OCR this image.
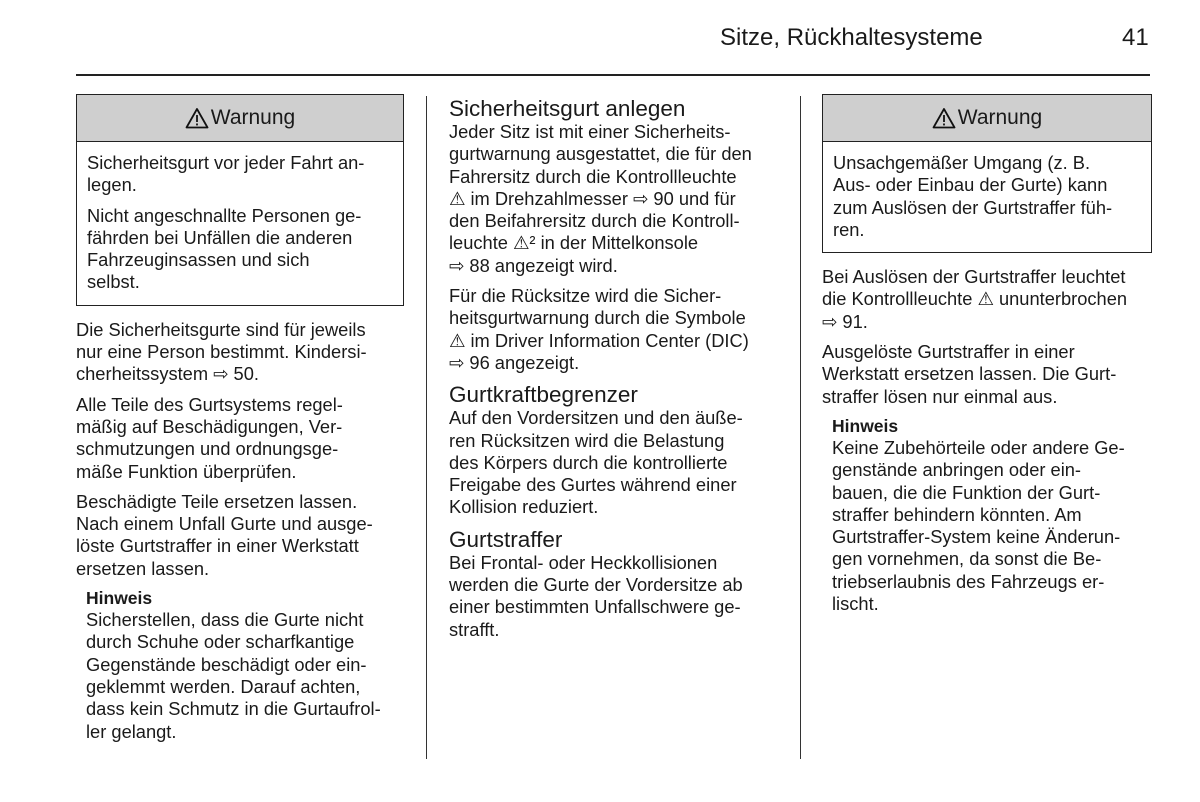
Sitze, Rückhaltesysteme	41
Warnung

Sicherheitsgurt vor jeder Fahrt an-
legen.

Nicht angeschnallte Personen ge-
fährden bei Unfällen die anderen
Fahrzeuginsassen und sich
selbst.

Die Sicherheitsgurte sind für jeweils
nur eine Person bestimmt. Kindersi-
cherheitssystem ⇨ 50.

Alle Teile des Gurtsystems regel-
mäßig auf Beschädigungen, Ver-
schmutzungen und ordnungsge-
mäße Funktion überprüfen.

Beschädigte Teile ersetzen lassen.
Nach einem Unfall Gurte und ausge-
löste Gurtstraffer in einer Werkstatt
ersetzen lassen.

Hinweis

Sicherstellen, dass die Gurte nicht
durch Schuhe oder scharfkantige
Gegenstände beschädigt oder ein-
geklemmt werden. Darauf achten,
dass kein Schmutz in die Gurtaufrol-
ler gelangt.

Sicherheitsgurt anlegen

Jeder Sitz ist mit einer Sicherheits-
gurtwarnung ausgestattet, die für den
Fahrersitz durch die Kontrollleuchte
⚠ im Drehzahlmesser ⇨ 90 und für
den Beifahrersitz durch die Kontroll-
leuchte ⚠² in der Mittelkonsole
⇨ 88 angezeigt wird.

Für die Rücksitze wird die Sicher-
heitsgurtwarnung durch die Symbole
⚠ im Driver Information Center (DIC)
⇨ 96 angezeigt.

Gurtkraftbegrenzer

Auf den Vordersitzen und den äuße-
ren Rücksitzen wird die Belastung
des Körpers durch die kontrollierte
Freigabe des Gurtes während einer
Kollision reduziert.

Gurtstraffer

Bei Frontal- oder Heckkollisionen
werden die Gurte der Vordersitze ab
einer bestimmten Unfallschwere ge-
strafft.

Warnung

Unsachgemäßer Umgang (z. B.
Aus- oder Einbau der Gurte) kann
zum Auslösen der Gurtstraffer füh-
ren.

Bei Auslösen der Gurtstraffer leuchtet
die Kontrollleuchte ⚠ ununterbrochen
⇨ 91.

Ausgelöste Gurtstraffer in einer
Werkstatt ersetzen lassen. Die Gurt-
straffer lösen nur einmal aus.

Hinweis

Keine Zubehörteile oder andere Ge-
genstände anbringen oder ein-
bauen, die die Funktion der Gurt-
straffer behindern könnten. Am
Gurtstraffer-System keine Änderun-
gen vornehmen, da sonst die Be-
triebserlaubnis des Fahrzeugs er-
lischt.
